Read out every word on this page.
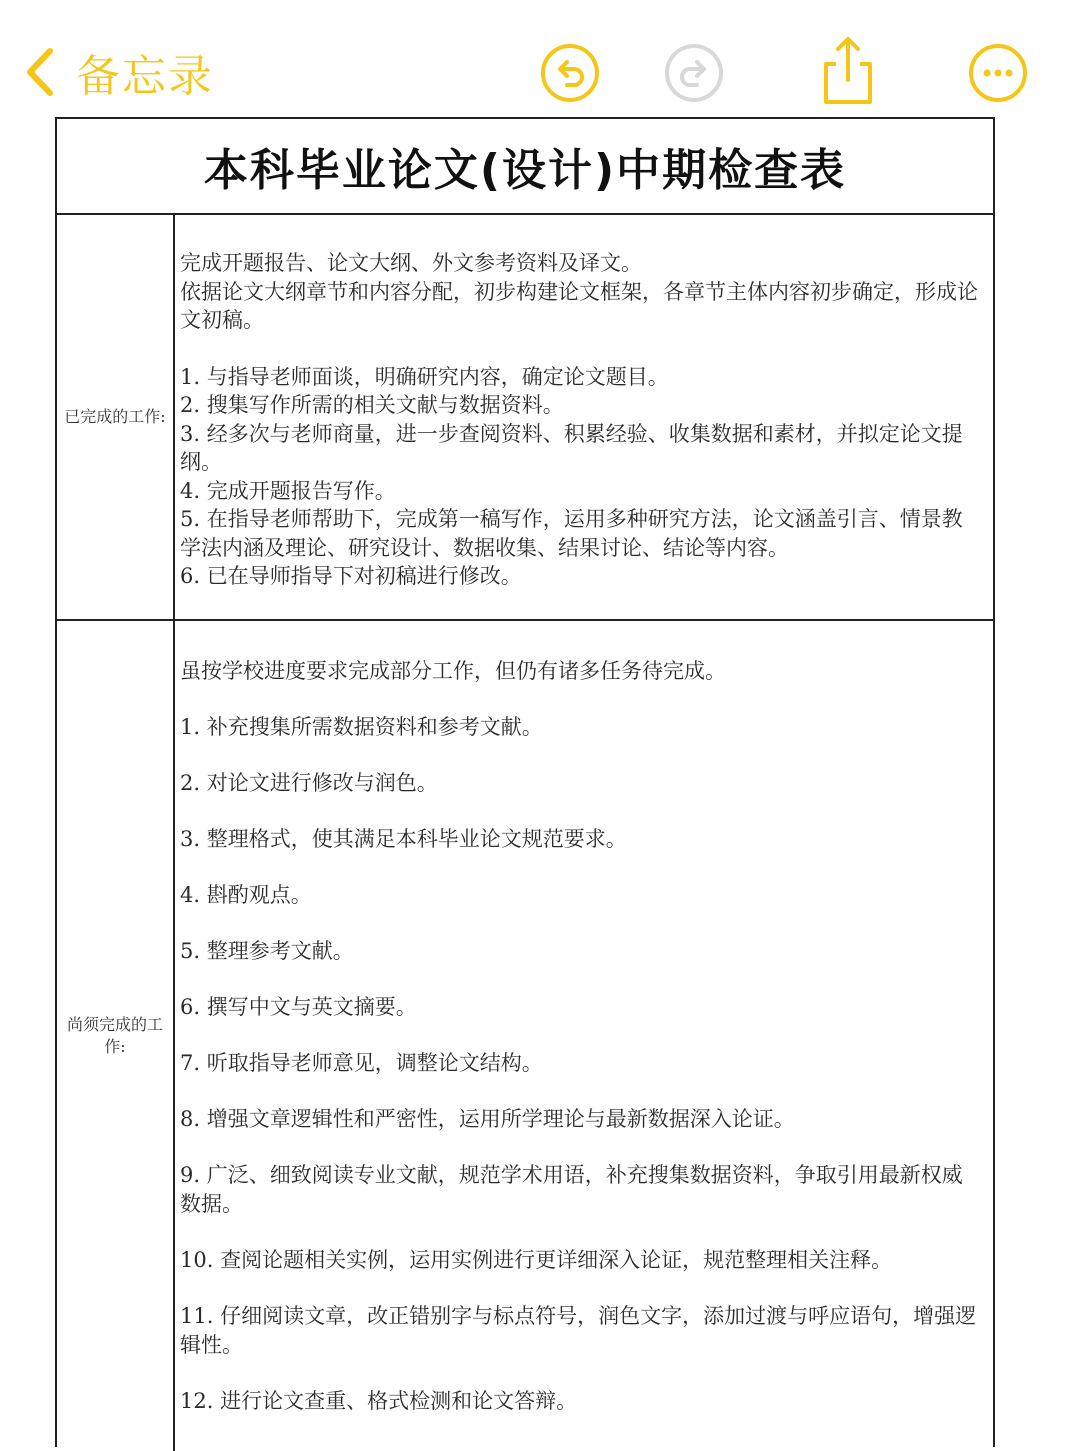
备忘录
本科毕业论文(设计)中期检查表
已完成的工作:

完成开题报告、论文大纲、外文参考资料及译文。

依据论文大纲章节和内容分配，初步构建论文框架，各章节主体内容初步确定，形成论文初稿。

1. 与指导老师面谈，明确研究内容，确定论文题目。

2. 搜集写作所需的相关文献与数据资料。

3. 经多次与老师商量，进一步查阅资料、积累经验、收集数据和素材，并拟定论文提纲。

4. 完成开题报告写作。

5. 在指导老师帮助下，完成第一稿写作，运用多种研究方法，论文涵盖引言、情景教学法内涵及理论、研究设计、数据收集、结果讨论、结论等内容。

6. 已在导师指导下对初稿进行修改。

尚须完成的工作:

虽按学校进度要求完成部分工作，但仍有诸多任务待完成。

1. 补充搜集所需数据资料和参考文献。

2. 对论文进行修改与润色。

3. 整理格式，使其满足本科毕业论文规范要求。

4. 斟酌观点。

5. 整理参考文献。

6. 撰写中文与英文摘要。

7. 听取指导老师意见，调整论文结构。

8. 增强文章逻辑性和严密性，运用所学理论与最新数据深入论证。

9. 广泛、细致阅读专业文献，规范学术用语，补充搜集数据资料，争取引用最新权威数据。

10. 查阅论题相关实例，运用实例进行更详细深入论证，规范整理相关注释。

11. 仔细阅读文章，改正错别字与标点符号，润色文字，添加过渡与呼应语句，增强逻辑性。

12. 进行论文查重、格式检测和论文答辩。
